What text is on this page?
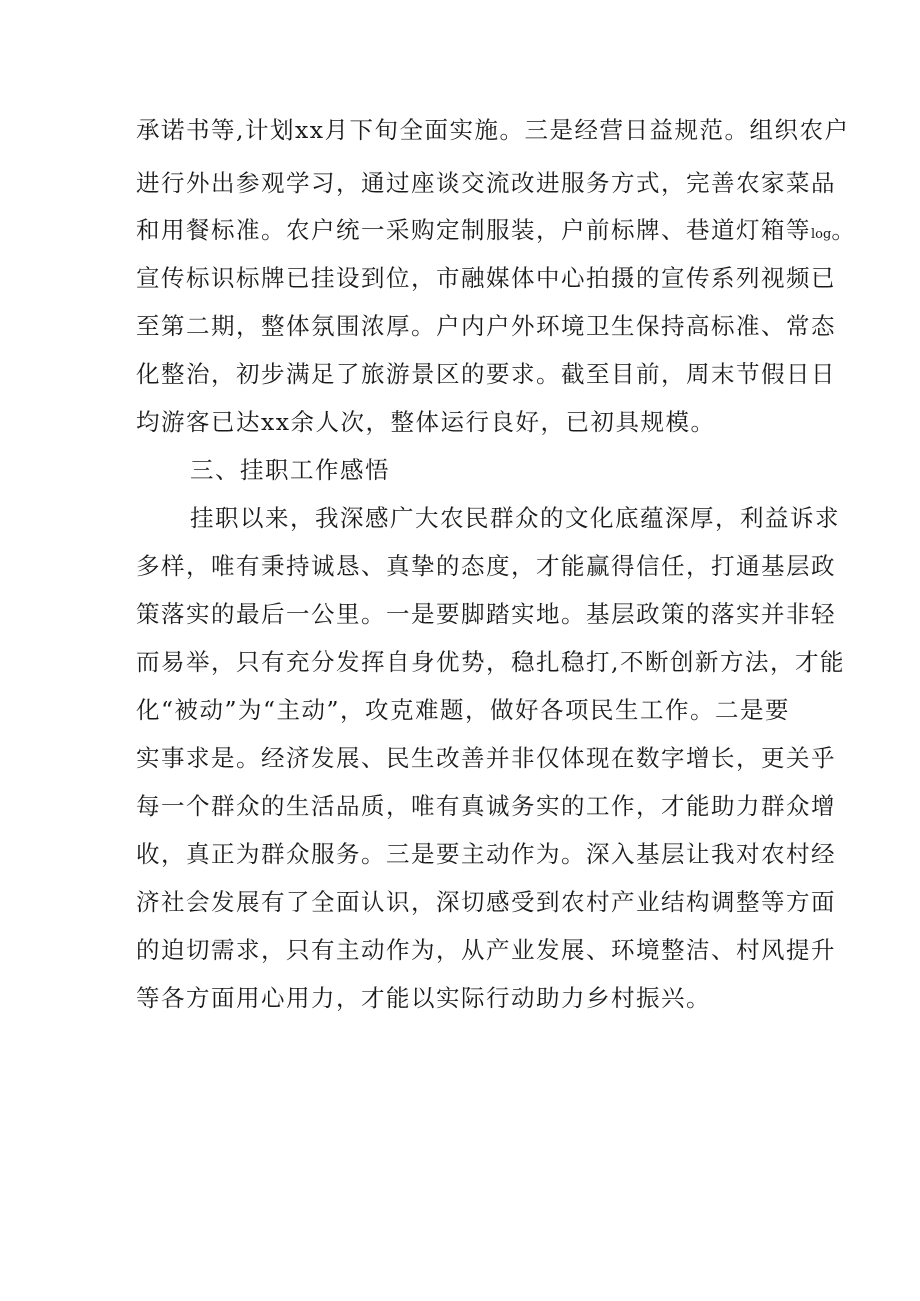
承诺书等,计划xx月下旬全面实施。三是经营日益规范。组织农户
进行外出参观学习，通过座谈交流改进服务方式，完善农家菜品
和用餐标准。农户统一采购定制服装，户前标牌、巷道灯箱等log。
宣传标识标牌已挂设到位，市融媒体中心拍摄的宣传系列视频已
至第二期，整体氛围浓厚。户内户外环境卫生保持高标准、常态
化整治，初步满足了旅游景区的要求。截至目前，周末节假日日
均游客已达xx余人次，整体运行良好，已初具规模。
三、挂职工作感悟
挂职以来，我深感广大农民群众的文化底蕴深厚，利益诉求
多样，唯有秉持诚恳、真挚的态度，才能赢得信任，打通基层政
策落实的最后一公里。一是要脚踏实地。基层政策的落实并非轻
而易举，只有充分发挥自身优势，稳扎稳打,不断创新方法，才能
化“被动”为“主动”，攻克难题，做好各项民生工作。二是要
实事求是。经济发展、民生改善并非仅体现在数字增长，更关乎
每一个群众的生活品质，唯有真诚务实的工作，才能助力群众增
收，真正为群众服务。三是要主动作为。深入基层让我对农村经
济社会发展有了全面认识，深切感受到农村产业结构调整等方面
的迫切需求，只有主动作为，从产业发展、环境整洁、村风提升
等各方面用心用力，才能以实际行动助力乡村振兴。
